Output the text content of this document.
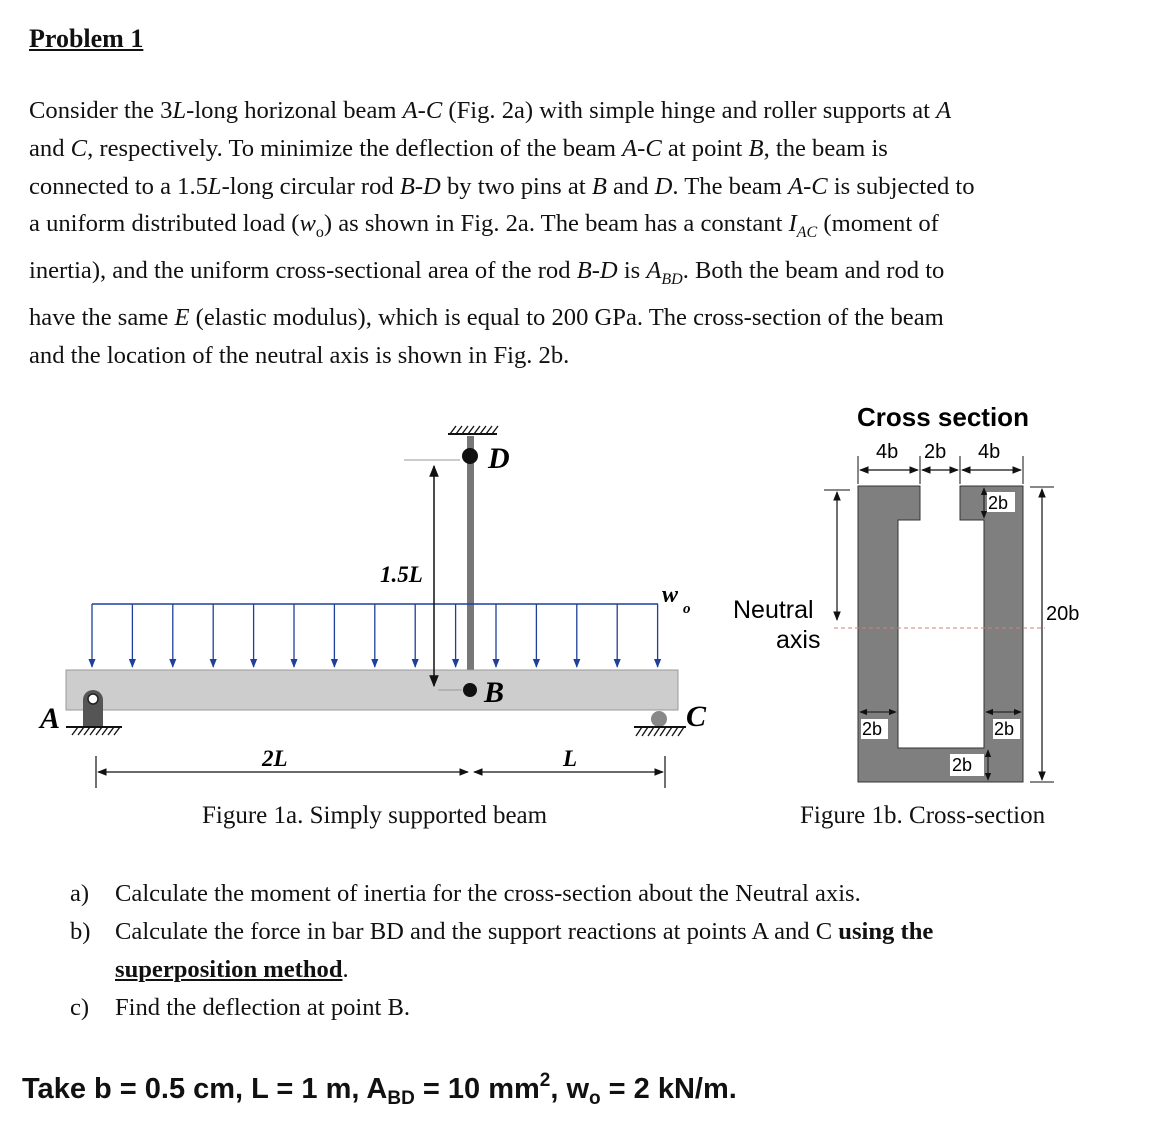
Problem 1
Consider the 3L-long horizonal beam A-C (Fig. 2a) with simple hinge and roller supports at A
and C, respectively. To minimize the deflection of the beam A-C at point B, the beam is
connected to a 1.5L-long circular rod B-D by two pins at B and D. The beam A-C is subjected to
a uniform distributed load $(w_o)$ as shown in Fig. 2a. The beam has a constant $I_{AC}$ (moment of
inertia), and the uniform cross-sectional area of the rod B-D is $A_{BD}$. Both the beam and rod to
have the same E (elastic modulus), which is equal to 200 GPa. The cross-section of the beam
and the location of the neutral axis is shown in Fig. 2b.
1.5L
D
B
w
o
A	C
2L	L
Cross section
4b 2b 4b
2b
Neutral
axis
20b
2b	2b
2b
Figure 1a. Simply supported beam	Figure 1b. Cross-section
a) Calculate the moment of inertia for the cross-section about the Neutral axis.
b) Calculate the force in bar BD and the support reactions at points A and C using the
superposition method.
c) Find the deflection at point B.
Take b = 0.5 cm, L = 1 m, $A_{BD} = 10$ $mm^2$, $w_o = 2$ kN/m.
